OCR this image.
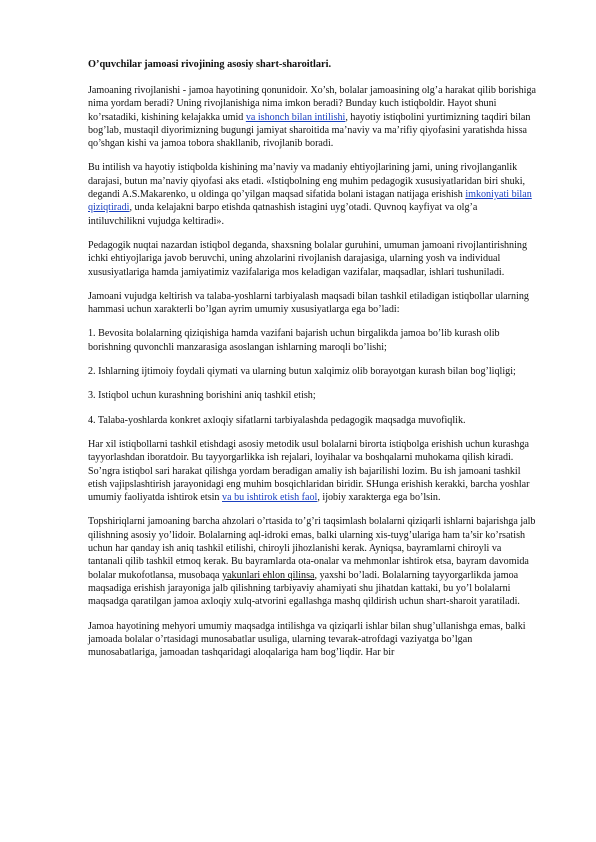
O’quvchilar jamoasi rivojining asosiy shart-sharoitlari.

Jamoaning rivojlanishi - jamoa hayotining qonunidoir. Xo’sh, bolalar jamoasining olg’a harakat qilib borishiga nima yordam beradi? Uning rivojlanishiga nima imkon beradi? Bunday kuch istiqboldir. Hayot shuni ko’rsatadiki, kishining kelajakka umid va ishonch bilan intilishi, hayotiy istiqbolini yurtimizning taqdiri bilan bog’lab, mustaqil diyorimizning bugungi jamiyat sharoitida ma’naviy va ma’rifiy qiyofasini yaratishda hissa qo’shgan kishi va jamoa tobora shakllanib, rivojlanib boradi.

Bu intilish va hayotiy istiqbolda kishining ma’naviy va madaniy ehtiyojlarining jami, uning rivojlanganlik darajasi, butun ma’naviy qiyofasi aks etadi. «Istiqbolning eng muhim pedagogik xususiyatlaridan biri shuki, degandi A.S.Makarenko, u oldinga qo’yilgan maqsad sifatida bolani istagan natijaga erishish imkoniyati bilan qiziqtiradi, unda kelajakni barpo etishda qatnashish istagini uyg’otadi. Quvnoq kayfiyat va olg’a intiluvchilikni vujudga keltiradi».

Pedagogik nuqtai nazardan istiqbol deganda, shaxsning bolalar guruhini, umuman jamoani rivojlantirishning ichki ehtiyojlariga javob beruvchi, uning ahzolarini rivojlanish darajasiga, ularning yosh va individual xususiyatlariga hamda jamiyatimiz vazifalariga mos keladigan vazifalar, maqsadlar, ishlari tushuniladi.

Jamoani vujudga keltirish va talaba-yoshlarni tarbiyalash maqsadi bilan tashkil etiladigan istiqbollar ularning hammasi uchun xarakterli bo’lgan ayrim umumiy xususiyatlarga ega bo’ladi:

1. Bevosita bolalarning qiziqishiga hamda vazifani bajarish uchun birgalikda jamoa bo’lib kurash olib borishning quvonchli manzarasiga asoslangan ishlarning maroqli bo’lishi;

2. Ishlarning ijtimoiy foydali qiymati va ularning butun xalqimiz olib borayotgan kurash bilan bog’liqligi;

3. Istiqbol uchun kurashning borishini aniq tashkil etish;

4. Talaba-yoshlarda konkret axloqiy sifatlarni tarbiyalashda pedagogik maqsadga muvofiqlik.

Har xil istiqbollarni tashkil etishdagi asosiy metodik usul bolalarni birorta istiqbolga erishish uchun kurashga tayyorlashdan iboratdoir. Bu tayyorgarlikka ish rejalari, loyihalar va boshqalarni muhokama qilish kiradi. So’ngra istiqbol sari harakat qilishga yordam beradigan amaliy ish bajarilishi lozim. Bu ish jamoani tashkil etish vajipslashtirish jarayonidagi eng muhim bosqichlaridan biridir. SHunga erishish kerakki, barcha yoshlar umumiy faoliyatda ishtirok etsin va bu ishtirok etish faol, ijobiy xarakterga ega bo’lsin.

Topshiriqlarni jamoaning barcha ahzolari o’rtasida to’g’ri taqsimlash bolalarni qiziqarli ishlarni bajarishga jalb qilishning asosiy yo’lidoir. Bolalarning aql-idroki emas, balki ularning xis-tuyg’ulariga ham ta’sir ko’rsatish uchun har qanday ish aniq tashkil etilishi, chiroyli jihozlanishi kerak. Ayniqsa, bayramlarni chiroyli va tantanali qilib tashkil etmoq kerak. Bu bayramlarda ota-onalar va mehmonlar ishtirok etsa, bayram davomida bolalar mukofotlansa, musobaqa yakunlari ehlon qilinsa, yaxshi bo’ladi. Bolalarning tayyorgarlikda jamoa maqsadiga erishish jarayoniga jalb qilishning tarbiyaviy ahamiyati shu jihatdan kattaki, bu yo’l bolalarni maqsadga qaratilgan jamoa axloqiy xulq-atvorini egallashga mashq qildirish uchun shart-sharoit yaratiladi.

Jamoa hayotining mehyori umumiy maqsadga intilishga va qiziqarli ishlar bilan shug’ullanishga emas, balki jamoada bolalar o’rtasidagi munosabatlar usuliga, ularning tevarak-atrofdagi vaziyatga bo’lgan munosabatlariga, jamoadan tashqaridagi aloqalariga ham bog’liqdir. Har bir
